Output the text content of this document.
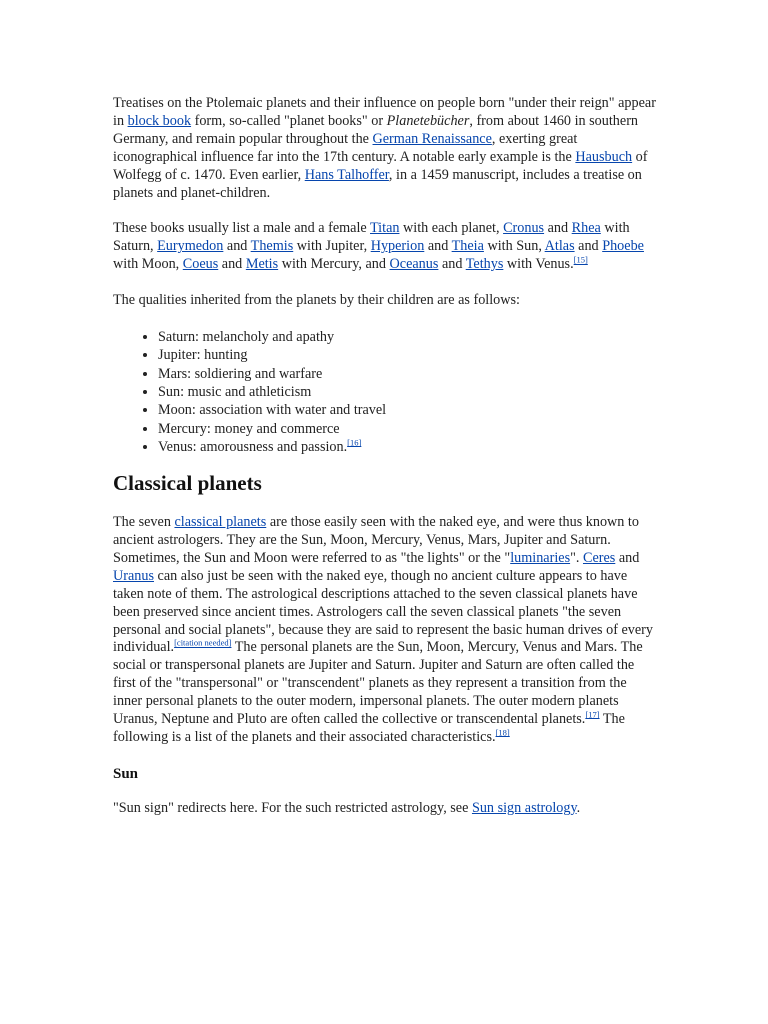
Treatises on the Ptolemaic planets and their influence on people born "under their reign" appear in block book form, so-called "planet books" or Planetebücher, from about 1460 in southern Germany, and remain popular throughout the German Renaissance, exerting great iconographical influence far into the 17th century. A notable early example is the Hausbuch of Wolfegg of c. 1470. Even earlier, Hans Talhoffer, in a 1459 manuscript, includes a treatise on planets and planet-children.

These books usually list a male and a female Titan with each planet, Cronus and Rhea with Saturn, Eurymedon and Themis with Jupiter, Hyperion and Theia with Sun, Atlas and Phoebe with Moon, Coeus and Metis with Mercury, and Oceanus and Tethys with Venus.[15]

The qualities inherited from the planets by their children are as follows:

• Saturn: melancholy and apathy
• Jupiter: hunting
• Mars: soldiering and warfare
• Sun: music and athleticism
• Moon: association with water and travel
• Mercury: money and commerce
• Venus: amorousness and passion.[16]
Classical planets

The seven classical planets are those easily seen with the naked eye, and were thus known to ancient astrologers. They are the Sun, Moon, Mercury, Venus, Mars, Jupiter and Saturn. Sometimes, the Sun and Moon were referred to as "the lights" or the "luminaries". Ceres and Uranus can also just be seen with the naked eye, though no ancient culture appears to have taken note of them. The astrological descriptions attached to the seven classical planets have been preserved since ancient times. Astrologers call the seven classical planets "the seven personal and social planets", because they are said to represent the basic human drives of every individual.[citation needed] The personal planets are the Sun, Moon, Mercury, Venus and Mars. The social or transpersonal planets are Jupiter and Saturn. Jupiter and Saturn are often called the first of the "transpersonal" or "transcendent" planets as they represent a transition from the inner personal planets to the outer modern, impersonal planets. The outer modern planets Uranus, Neptune and Pluto are often called the collective or transcendental planets.[17] The following is a list of the planets and their associated characteristics.[18]

Sun

"Sun sign" redirects here. For the such restricted astrology, see Sun sign astrology.
